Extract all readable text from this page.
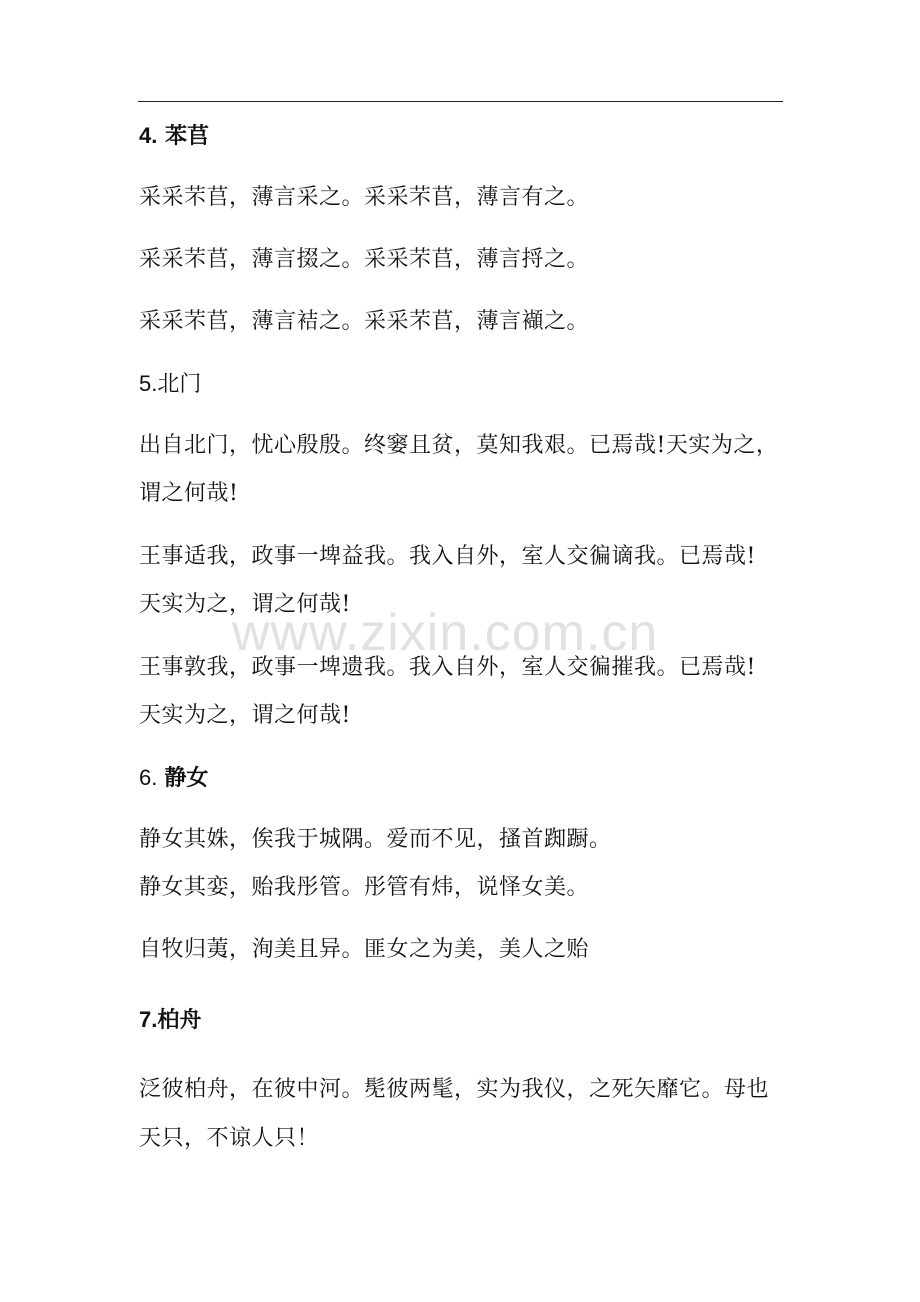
4. 苯苢
采采芣苢，薄言采之。采采芣苢，薄言有之。
采采芣苢，薄言掇之。采采芣苢，薄言捋之。
采采芣苢，薄言袺之。采采芣苢，薄言襭之。
5.北门
出自北门，忧心殷殷。终窭且贫，莫知我艰。已焉哉!天实为之，
谓之何哉!
王事适我，政事一埤益我。我入自外，室人交徧谪我。已焉哉!
天实为之，谓之何哉!
王事敦我，政事一埤遗我。我入自外，室人交徧摧我。已焉哉!
天实为之，谓之何哉!
6. 静女
静女其姝，俟我于城隅。爱而不见，搔首踟蹰。
静女其娈，贻我彤管。彤管有炜，说怿女美。
自牧归荑，洵美且异。匪女之为美，美人之贻
7.柏舟
泛彼柏舟，在彼中河。髧彼两髦，实为我仪，之死矢靡它。母也
天只，不谅人只！
www.zixin.com.cn
